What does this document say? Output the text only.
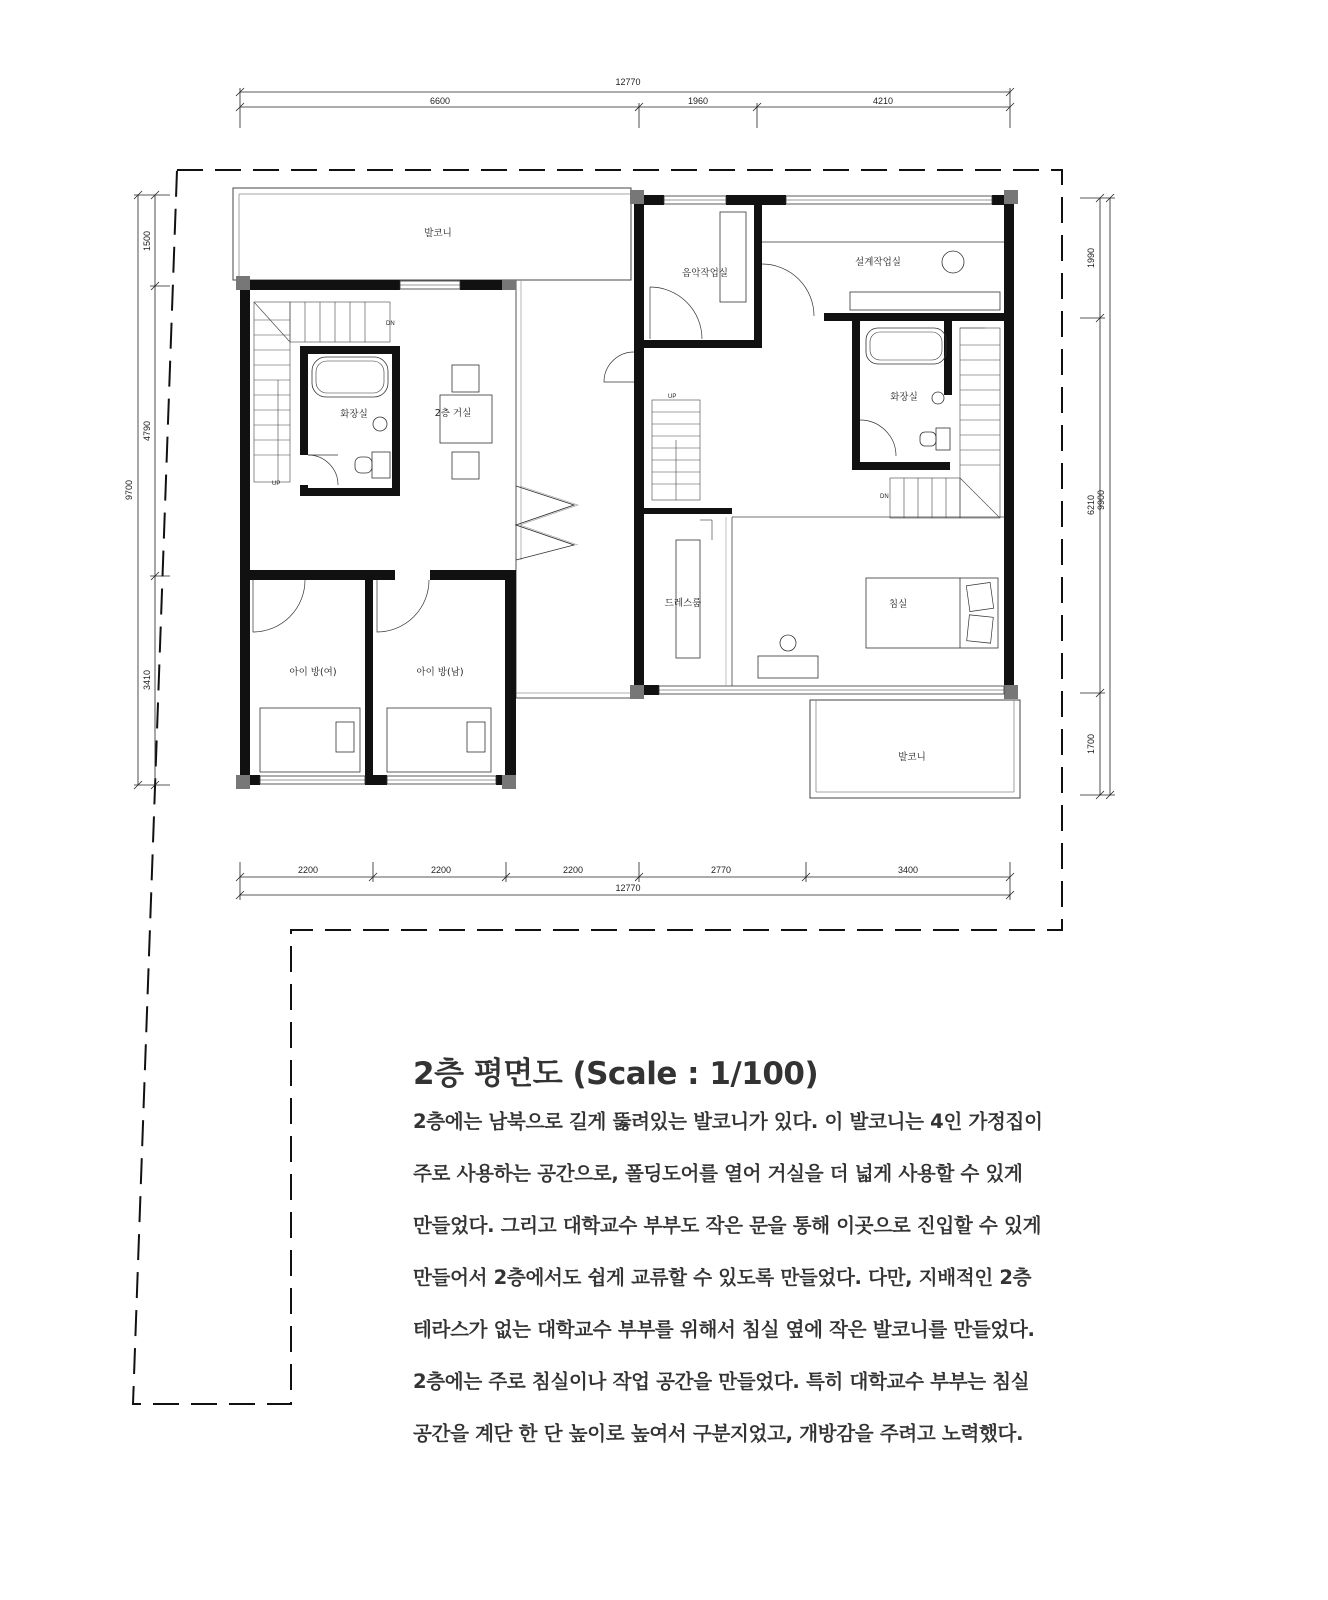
12770
6600	1960	4210
2200	2200	2200	2770	3400
12770
9700
1500
4790
3410
1990
6210
1700
9900
DN
UP
UP
DN
발코니
화장실	2층 거실
아이 방(여)	아이 방(남)
음악작업실
설계작업실
화장실
드레스룸	침실
발코니
2층 평면도 (Scale : 1/100)
2층에는 남북으로 길게 뚫려있는 발코니가 있다. 이 발코니는 4인 가정집이
주로 사용하는 공간으로, 폴딩도어를 열어 거실을 더 넓게 사용할 수 있게
만들었다. 그리고 대학교수 부부도 작은 문을 통해 이곳으로 진입할 수 있게
만들어서 2층에서도 쉽게 교류할 수 있도록 만들었다. 다만, 지배적인 2층
테라스가 없는 대학교수 부부를 위해서 침실 옆에 작은 발코니를 만들었다.
2층에는 주로 침실이나 작업 공간을 만들었다. 특히 대학교수 부부는 침실
공간을 계단 한 단 높이로 높여서 구분지었고, 개방감을 주려고 노력했다.
